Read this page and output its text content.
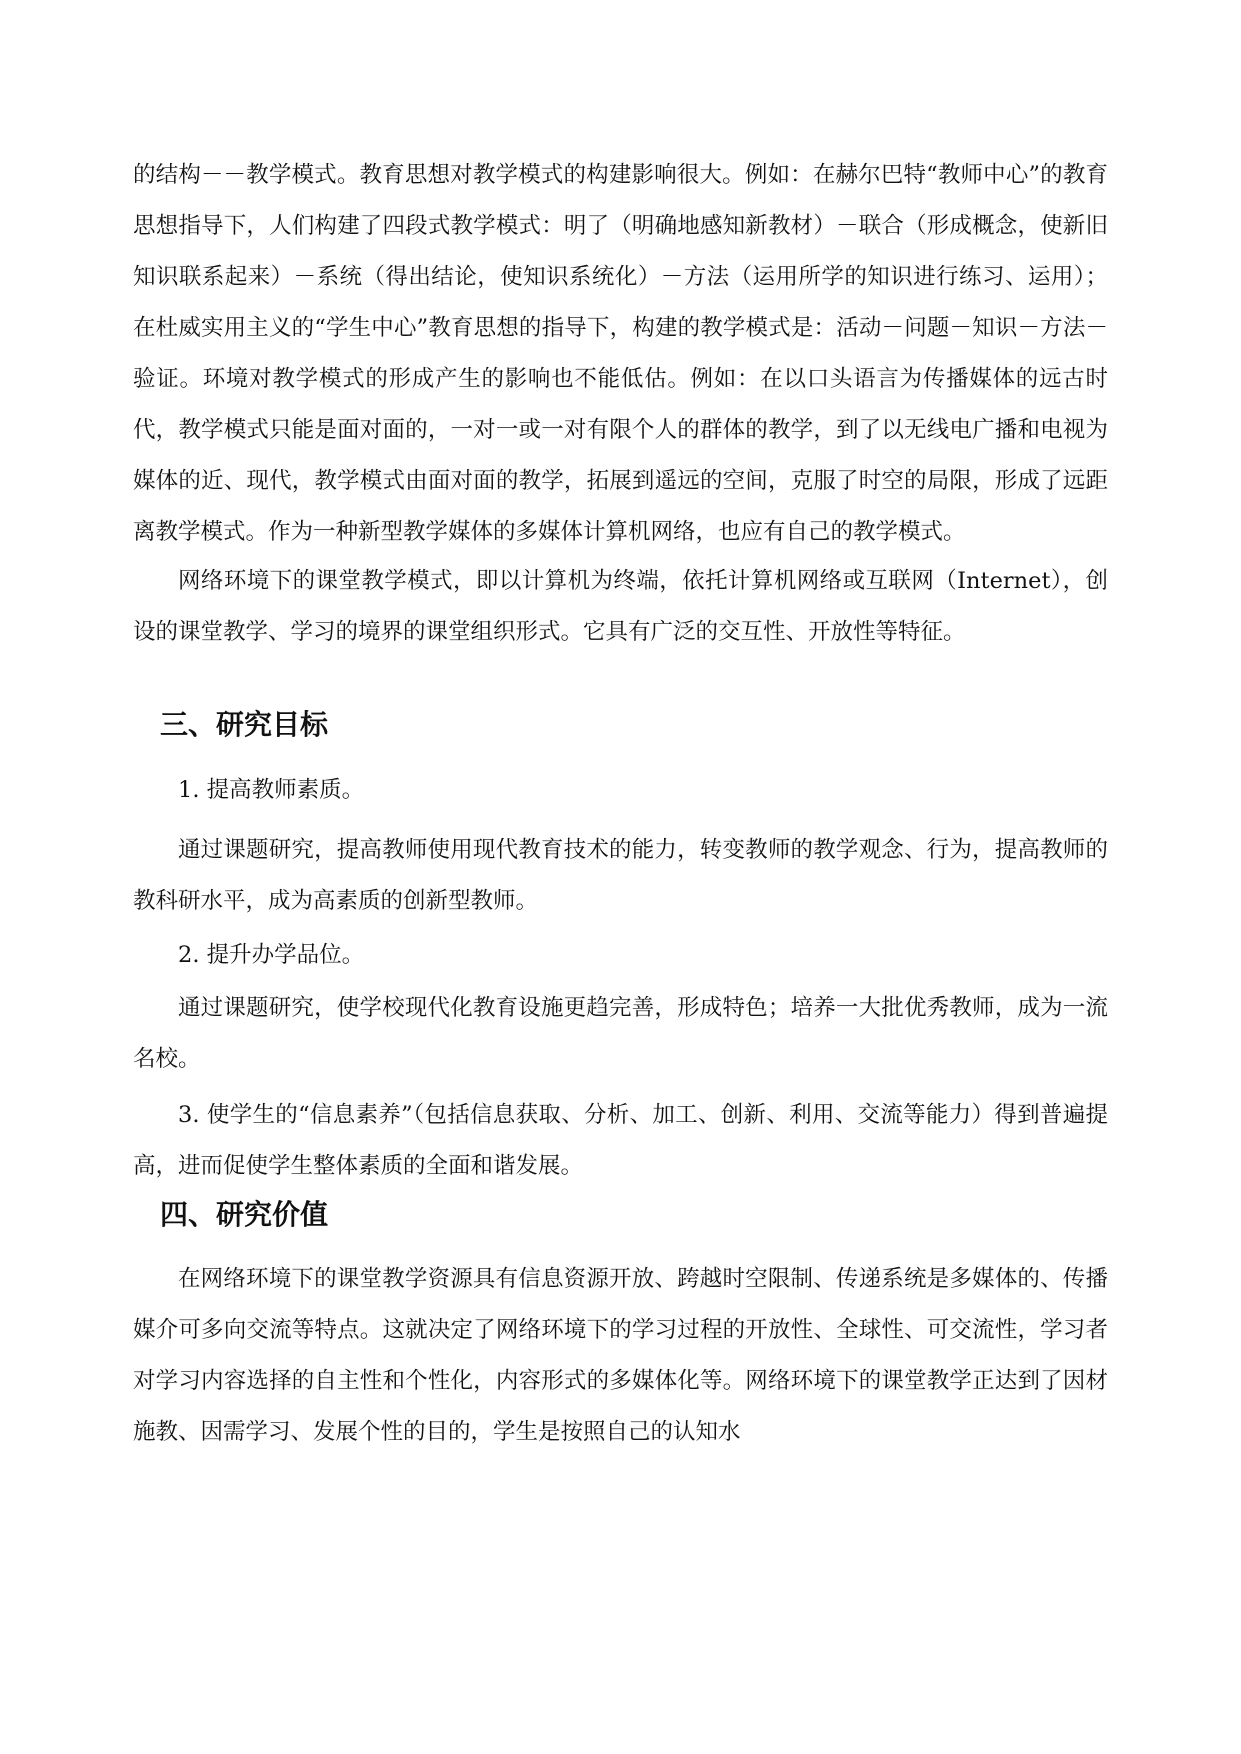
的结构－－教学模式。教育思想对教学模式的构建影响很大。例如：在赫尔巴特“教师中心”的教育思想指导下，人们构建了四段式教学模式：明了（明确地感知新教材）－联合（形成概念，使新旧知识联系起来）－系统（得出结论，使知识系统化）－方法（运用所学的知识进行练习、运用）；在杜威实用主义的“学生中心”教育思想的指导下，构建的教学模式是：活动－问题－知识－方法－验证。环境对教学模式的形成产生的影响也不能低估。例如：在以口头语言为传播媒体的远古时代，教学模式只能是面对面的，一对一或一对有限个人的群体的教学，到了以无线电广播和电视为媒体的近、现代，教学模式由面对面的教学，拓展到遥远的空间，克服了时空的局限，形成了远距离教学模式。作为一种新型教学媒体的多媒体计算机网络，也应有自己的教学模式。

网络环境下的课堂教学模式，即以计算机为终端，依托计算机网络或互联网（Internet），创设的课堂教学、学习的境界的课堂组织形式。它具有广泛的交互性、开放性等特征。

三、研究目标

1. 提高教师素质。

通过课题研究，提高教师使用现代教育技术的能力，转变教师的教学观念、行为，提高教师的教科研水平，成为高素质的创新型教师。

2. 提升办学品位。

通过课题研究，使学校现代化教育设施更趋完善，形成特色；培养一大批优秀教师，成为一流名校。

3. 使学生的“信息素养”（包括信息获取、分析、加工、创新、利用、交流等能力）得到普遍提高，进而促使学生整体素质的全面和谐发展。

四、研究价值

在网络环境下的课堂教学资源具有信息资源开放、跨越时空限制、传递系统是多媒体的、传播媒介可多向交流等特点。这就决定了网络环境下的学习过程的开放性、全球性、可交流性，学习者对学习内容选择的自主性和个性化，内容形式的多媒体化等。网络环境下的课堂教学正达到了因材施教、因需学习、发展个性的目的，学生是按照自己的认知水
